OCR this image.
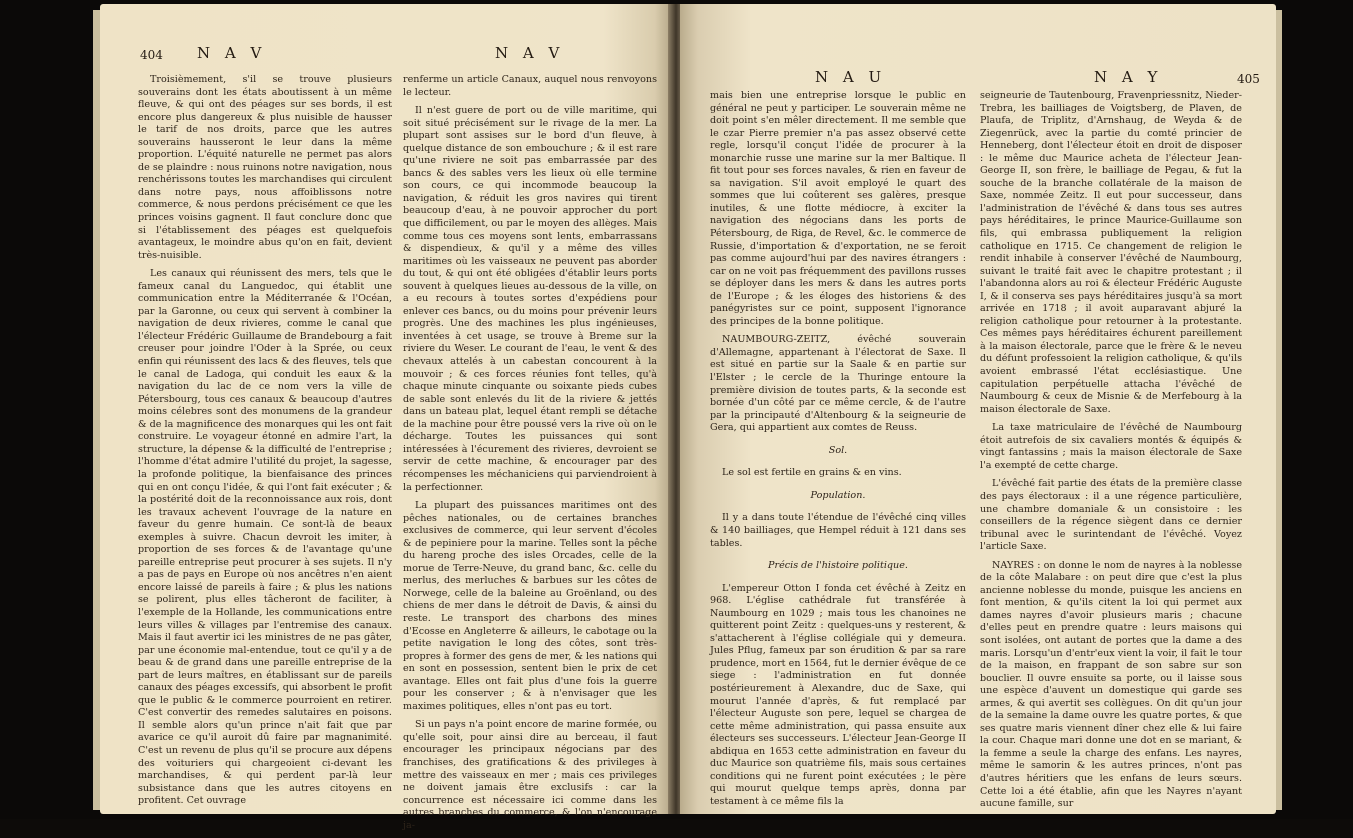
404 N A V	N A V

Troisièmement, s'il se trouve plusieurs souverains dont les états aboutissent à un même fleuve, & qui ont des péages sur ses bords, il est encore plus dangereux & plus nuisible de hausser le tarif de nos droits, parce que les autres souverains hausseront le leur dans la même proportion. L'équité naturelle ne permet pas alors de se plaindre : nous ruinons notre navigation, nous renchérissons toutes les marchandises qui circulent dans notre pays, nous affoiblissons notre commerce, & nous perdons précisément ce que les princes voisins gagnent. Il faut conclure donc que si l'établissement des péages est quelquefois avantageux, le moindre abus qu'on en fait, devient très-nuisible.

Les canaux qui réunissent des mers, tels que le fameux canal du Languedoc, qui établit une communication entre la Méditerranée & l'Océan, par la Garonne, ou ceux qui servent à combiner la navigation de deux rivieres, comme le canal que l'électeur Frédéric Guillaume de Brandebourg a fait creuser pour joindre l'Oder à la Sprée, ou ceux enfin qui réunissent des lacs & des fleuves, tels que le canal de Ladoga, qui conduit les eaux & la navigation du lac de ce nom vers la ville de Pétersbourg, tous ces canaux & beaucoup d'autres moins célebres sont des monumens de la grandeur & de la magnificence des monarques qui les ont fait construire. Le voyageur étonné en admire l'art, la structure, la dépense & la difficulté de l'entreprise ; l'homme d'état admire l'utilité du projet, la sagesse, la profonde politique, la bienfaisance des princes qui en ont conçu l'idée, & qui l'ont fait exécuter ; & la postérité doit de la reconnoissance aux rois, dont les travaux achevent l'ouvrage de la nature en faveur du genre humain. Ce sont-là de beaux exemples à suivre. Chacun devroit les imiter, à proportion de ses forces & de l'avantage qu'une pareille entreprise peut procurer à ses sujets. Il n'y a pas de pays en Europe où nos ancêtres n'en aient encore laissé de pareils à faire ; & plus les nations se polirent, plus elles tâcheront de faciliter, à l'exemple de la Hollande, les communications entre leurs villes & villages par l'entremise des canaux. Mais il faut avertir ici les ministres de ne pas gâter, par une économie mal-entendue, tout ce qu'il y a de beau & de grand dans une pareille entreprise de la part de leurs maîtres, en établissant sur de pareils canaux des péages excessifs, qui absorbent le profit que le public & le commerce pourroient en retirer. C'est convertir des remedes salutaires en poisons. Il semble alors qu'un prince n'ait fait que par avarice ce qu'il auroit dû faire par magnanimité. C'est un revenu de plus qu'il se procure aux dépens des voituriers qui chargeoient ci-devant les marchandises, & qui perdent par-là leur subsistance dans que les autres citoyens en profitent. Cet ouvrage

renferme un article Canaux, auquel nous renvoyons le lecteur.

Il n'est guere de port ou de ville maritime, qui soit situé précisément sur le rivage de la mer. La plupart sont assises sur le bord d'un fleuve, à quelque distance de son embouchure ; & il est rare qu'une riviere ne soit pas embarrassée par des bancs & des sables vers les lieux où elle termine son cours, ce qui incommode beaucoup la navigation, & réduit les gros navires qui tirent beaucoup d'eau, à ne pouvoir approcher du port que difficilement, ou par le moyen des allèges. Mais comme tous ces moyens sont lents, embarrassans & dispendieux, & qu'il y a même des villes maritimes où les vaisseaux ne peuvent pas aborder du tout, & qui ont été obligées d'établir leurs ports souvent à quelques lieues au-dessous de la ville, on a eu recours à toutes sortes d'expédiens pour enlever ces bancs, ou du moins pour prévenir leurs progrès. Une des machines les plus ingénieuses, inventées à cet usage, se trouve à Breme sur la riviere du Weser. Le courant de l'eau, le vent & des chevaux attelés à un cabestan concourent à la mouvoir ; & ces forces réunies font telles, qu'à chaque minute cinquante ou soixante pieds cubes de sable sont enlevés du lit de la riviere & jettés dans un bateau plat, lequel étant rempli se détache de la machine pour être poussé vers la rive où on le décharge. Toutes les puissances qui sont intéressées à l'écurement des rivieres, devroient se servir de cette machine, & encourager par des récompenses les méchaniciens qui parviendroient à la perfectionner.

La plupart des puissances maritimes ont des pêches nationales, ou de certaines branches exclusives de commerce, qui leur servent d'écoles & de pepiniere pour la marine. Telles sont la pêche du hareng proche des isles Orcades, celle de la morue de Terre-Neuve, du grand banc, &c. celle du merlus, des merluches & barbues sur les côtes de Norwege, celle de la baleine au Groënland, ou des chiens de mer dans le détroit de Davis, & ainsi du reste. Le transport des charbons des mines d'Ecosse en Angleterre & ailleurs, le cabotage ou la petite navigation le long des côtes, sont très-propres à former des gens de mer, & les nations qui en sont en possession, sentent bien le prix de cet avantage. Elles ont fait plus d'une fois la guerre pour les conserver ; & à n'envisager que les maximes politiques, elles n'ont pas eu tort.

Si un pays n'a point encore de marine formée, ou qu'elle soit, pour ainsi dire au berceau, il faut encourager les principaux négocians par des franchises, des gratifications & des privileges à mettre des vaisseaux en mer ; mais ces privileges ne doivent jamais être exclusifs : car la concurrence est nécessaire ici comme dans les autres branches du commerce, & l'on n'encourage ja-

N A U	N A Y	405

mais bien une entreprise lorsque le public en général ne peut y participer. Le souverain même ne doit point s'en mêler directement. Il me semble que le czar Pierre premier n'a pas assez observé cette regle, lorsqu'il conçut l'idée de procurer à la monarchie russe une marine sur la mer Baltique. Il fit tout pour ses forces navales, & rien en faveur de sa navigation. S'il avoit employé le quart des sommes que lui coûterent ses galères, presque inutiles, & une flotte médiocre, à exciter la navigation des négocians dans les ports de Pétersbourg, de Riga, de Revel, &c. le commerce de Russie, d'importation & d'exportation, ne se feroit pas comme aujourd'hui par des navires étrangers : car on ne voit pas fréquemment des pavillons russes se déployer dans les mers & dans les autres ports de l'Europe ; & les éloges des historiens & des panégyristes sur ce point, supposent l'ignorance des principes de la bonne politique.

NAUMBOURG-ZEITZ, évêché souverain d'Allemagne, appartenant à l'électorat de Saxe. Il est situé en partie sur la Saale & en partie sur l'Elster ; le cercle de la Thuringe entoure la première division de toutes parts, & la seconde est bornée d'un côté par ce même cercle, & de l'autre par la principauté d'Altenbourg & la seigneurie de Gera, qui appartient aux comtes de Reuss.

Sol.

Le sol est fertile en grains & en vins.

Population.

Il y a dans toute l'étendue de l'évêché cinq villes & 140 bailliages, que Hempel réduit à 121 dans ses tables.

Précis de l'histoire politique.

L'empereur Otton I fonda cet évêché à Zeitz en 968. L'église cathédrale fut transférée à Naumbourg en 1029 ; mais tous les chanoines ne quitterent point Zeitz : quelques-uns y resterent, & s'attacherent à l'église collégiale qui y demeura. Jules Pflug, fameux par son érudition & par sa rare prudence, mort en 1564, fut le dernier évêque de ce siege : l'administration en fut donnée postérieurement à Alexandre, duc de Saxe, qui mourut l'année d'après, & fut remplacé par l'électeur Auguste son pere, lequel se chargea de cette même administration, qui passa ensuite aux électeurs ses successeurs. L'électeur Jean-George II abdiqua en 1653 cette administration en faveur du duc Maurice son quatrième fils, mais sous certaines conditions qui ne furent point exécutées ; le père qui mourut quelque temps après, donna par testament à ce même fils la

seigneurie de Tautenbourg, Fravenpriessnitz, Nieder-Trebra, les bailliages de Voigtsberg, de Plaven, de Plaufa, de Triplitz, d'Arnshaug, de Weyda & de Ziegenrück, avec la partie du comté princier de Henneberg, dont l'électeur étoit en droit de disposer : le même duc Maurice acheta de l'électeur Jean-George II, son frère, le bailliage de Pegau, & fut la souche de la branche collatérale de la maison de Saxe, nommée Zeitz. Il eut pour successeur, dans l'administration de l'évêché & dans tous ses autres pays héréditaires, le prince Maurice-Guillaume son fils, qui embrassa publiquement la religion catholique en 1715. Ce changement de religion le rendit inhabile à conserver l'évêché de Naumbourg, suivant le traité fait avec le chapitre protestant ; il l'abandonna alors au roi & électeur Frédéric Auguste I, & il conserva ses pays héréditaires jusqu'à sa mort arrivée en 1718 ; il avoit auparavant abjuré la religion catholique pour retourner à la protestante. Ces mêmes pays héréditaires échurent pareillement à la maison électorale, parce que le frère & le neveu du défunt professoient la religion catholique, & qu'ils avoient embrassé l'état ecclésiastique. Une capitulation perpétuelle attacha l'évêché de Naumbourg & ceux de Misnie & de Merfebourg à la maison électorale de Saxe.

La taxe matriculaire de l'évêché de Naumbourg étoit autrefois de six cavaliers montés & équipés & vingt fantassins ; mais la maison électorale de Saxe l'a exempté de cette charge.

L'évêché fait partie des états de la première classe des pays électoraux : il a une régence particulière, une chambre domaniale & un consistoire : les conseillers de la régence siègent dans ce dernier tribunal avec le surintendant de l'évêché. Voyez l'article Saxe.

NAYRES : on donne le nom de nayres à la noblesse de la côte Malabare : on peut dire que c'est la plus ancienne noblesse du monde, puisque les anciens en font mention, & qu'ils citent la loi qui permet aux dames nayres d'avoir plusieurs maris ; chacune d'elles peut en prendre quatre : leurs maisons qui sont isolées, ont autant de portes que la dame a des maris. Lorsqu'un d'entr'eux vient la voir, il fait le tour de la maison, en frappant de son sabre sur son bouclier. Il ouvre ensuite sa porte, ou il laisse sous une espèce d'auvent un domestique qui garde ses armes, & qui avertit ses collègues. On dit qu'un jour de la semaine la dame ouvre les quatre portes, & que ses quatre maris viennent dîner chez elle & lui faire la cour. Chaque mari donne une dot en se mariant, & la femme a seule la charge des enfans. Les nayres, même le samorin & les autres princes, n'ont pas d'autres héritiers que les enfans de leurs sœurs. Cette loi a été établie, afin que les Nayres n'ayant aucune famille, sur
